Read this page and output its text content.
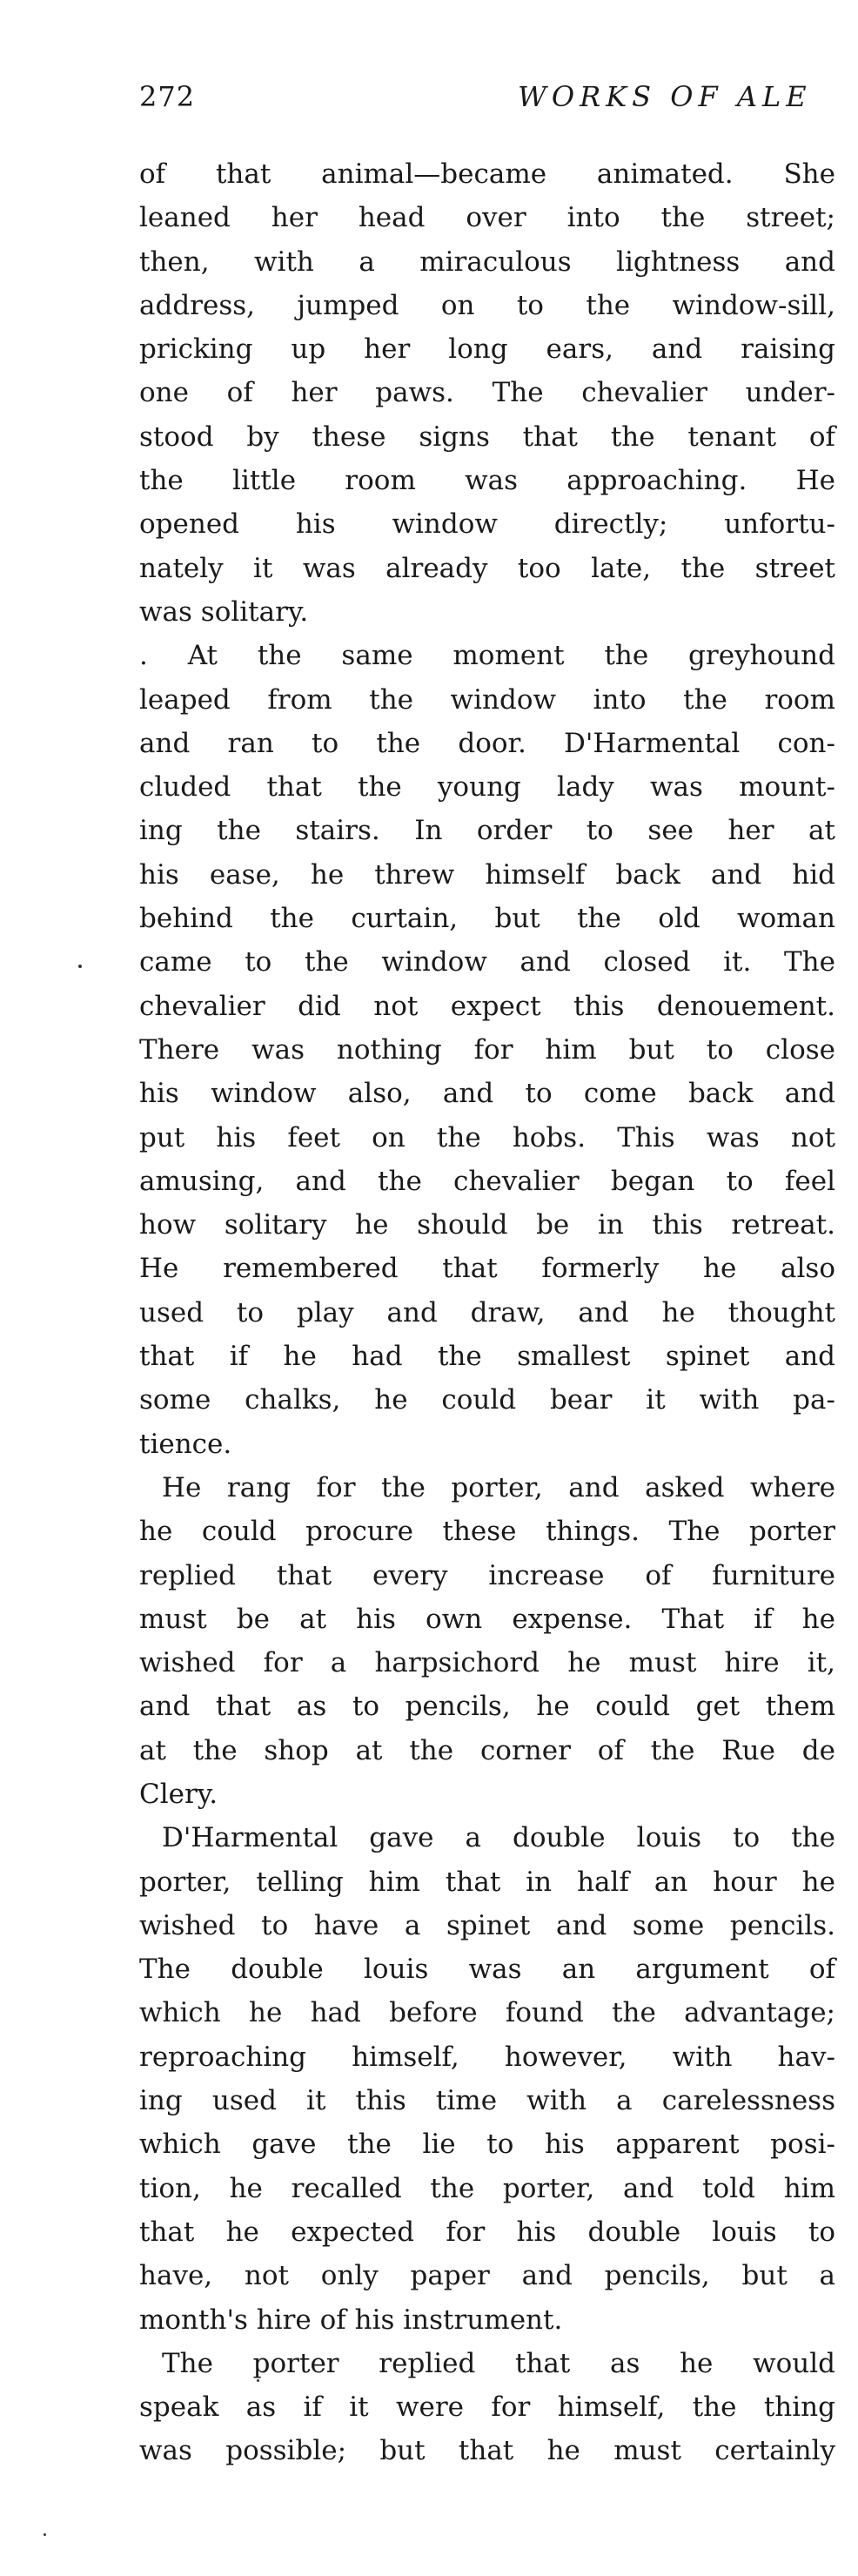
272	WORKS OF ALE
of that animal—became animated. She
leaned her head over into the street;
then, with a miraculous lightness and
address, jumped on to the window-sill,
pricking up her long ears, and raising
one of her paws. The chevalier under-
stood by these signs that the tenant of
the little room was approaching. He
opened his window directly; unfortu-
nately it was already too late, the street
was solitary.
. At the same moment the greyhound
leaped from the window into the room
and ran to the door. D'Harmental con-
cluded that the young lady was mount-
ing the stairs. In order to see her at
his ease, he threw himself back and hid
behind the curtain, but the old woman
came to the window and closed it. The
chevalier did not expect this denouement.
There was nothing for him but to close
his window also, and to come back and
put his feet on the hobs. This was not
amusing, and the chevalier began to feel
how solitary he should be in this retreat.
He remembered that formerly he also
used to play and draw, and he thought
that if he had the smallest spinet and
some chalks, he could bear it with pa-
tience.
He rang for the porter, and asked where
he could procure these things. The porter
replied that every increase of furniture
must be at his own expense. That if he
wished for a harpsichord he must hire it,
and that as to pencils, he could get them
at the shop at the corner of the Rue de
Clery.
D'Harmental gave a double louis to the
porter, telling him that in half an hour he
wished to have a spinet and some pencils.
The double louis was an argument of
which he had before found the advantage;
reproaching himself, however, with hav-
ing used it this time with a carelessness
which gave the lie to his apparent posi-
tion, he recalled the porter, and told him
that he expected for his double louis to
have, not only paper and pencils, but a
month's hire of his instrument.
The porter replied that as he would
speak as if it were for himself, the thing
was possible; but that he must certainly
